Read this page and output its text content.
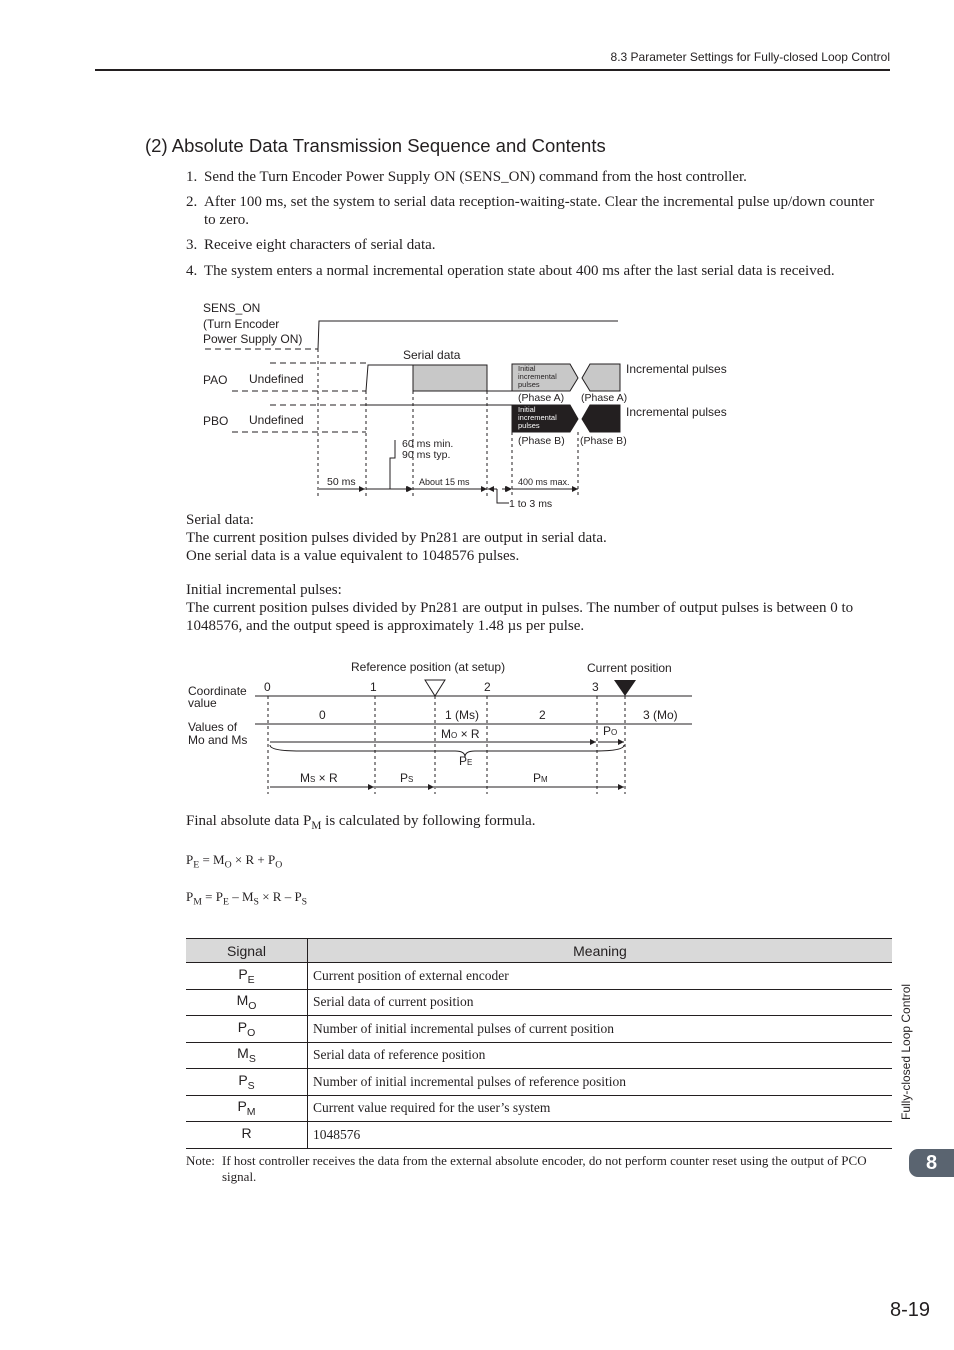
8.3 Parameter Settings for Fully-closed Loop Control
(2) Absolute Data Transmission Sequence and Contents
1. Send the Turn Encoder Power Supply ON (SENS_ON) command from the host controller.
2. After 100 ms, set the system to serial data reception-waiting-state. Clear the incremental pulse up/down counter to zero.
3. Receive eight characters of serial data.
4. The system enters a normal incremental operation state about 400 ms after the last serial data is received.
SENS_ON
(Turn Encoder
Power Supply ON)
Serial data
PAO Undefined
PBO Undefined
Incremental pulses
Incremental pulses
Initial
incremental
pulses
Initial
incremental
pulses
(Phase A) (Phase A)
(Phase B) (Phase B)
60 ms min.
90 ms typ.
50 ms	About 15 ms	400 ms max.
1 to 3 ms
Serial data:
The current position pulses divided by Pn281 are output in serial data.
One serial data is a value equivalent to 1048576 pulses.
Initial incremental pulses:
The current position pulses divided by Pn281 are output in pulses. The number of output pulses is between 0 to 1048576, and the output speed is approximately 1.48 µs per pulse.
Reference position (at setup)	Current position
Coordinate
value
Values of
Mo and Ms
0	1	2	3
0	1 (Ms)	2	3 (Mo)
MO × R	PO
PE
MS × R	PS	PM
Final absolute data $P_M$ is calculated by following formula.
$P_E = M_O \times R + P_O$
$P_M = P_E - M_S \times R - P_S$
Signal	Meaning
$P_E$	Current position of external encoder
$M_O$	Serial data of current position
$P_O$	Number of initial incremental pulses of current position
$M_S$	Serial data of reference position
$P_S$	Number of initial incremental pulses of reference position
$P_M$	Current value required for the user’s system
R	1048576
Note: If host controller receives the data from the external absolute encoder, do not perform counter reset using the output of PCO signal.
Fully-closed Loop Control
8
8-19
